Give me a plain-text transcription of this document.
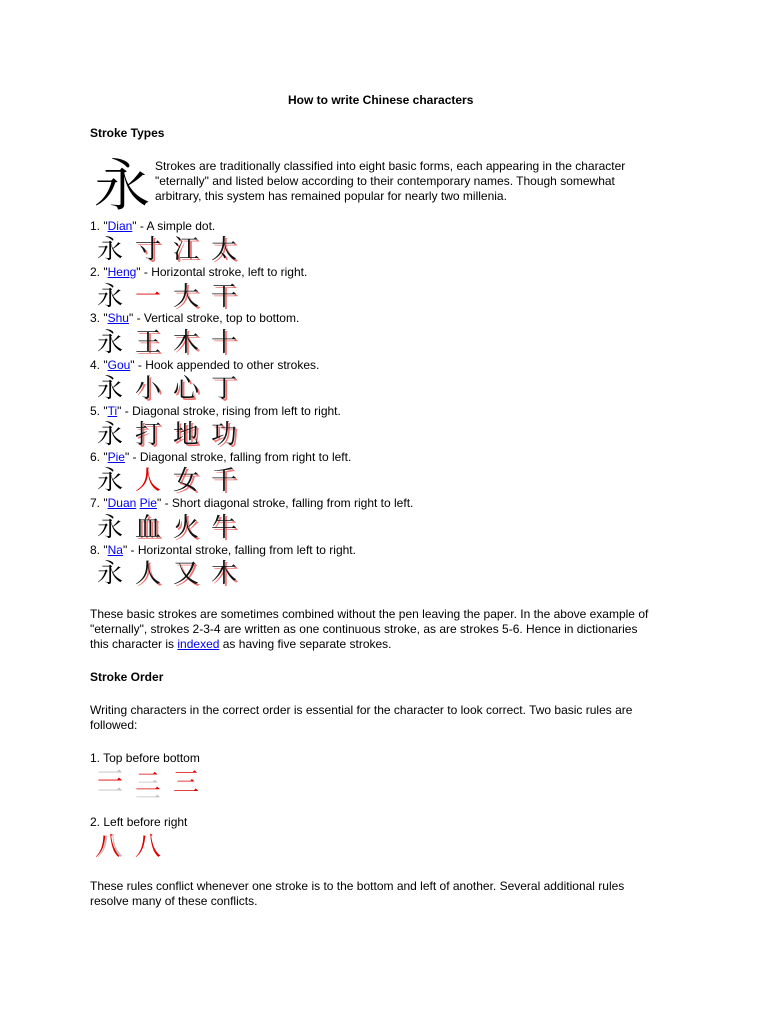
How to write Chinese characters
Stroke Types
永 Strokes are traditionally classified into eight basic forms, each appearing in the character
"eternally" and listed below according to their contemporary names. Though somewhat
arbitrary, this system has remained popular for nearly two millenia.
1. "Dian" - A simple dot.
永 寸 江 太
2. "Heng" - Horizontal stroke, left to right.
永 一 大 干
3. "Shu" - Vertical stroke, top to bottom.
永 王 木 十
4. "Gou" - Hook appended to other strokes.
永 小 心 丁
5. "Ti" - Diagonal stroke, rising from left to right.
永 打 地 功
6. "Pie" - Diagonal stroke, falling from right to left.
永 人 女 千
7. "Duan Pie" - Short diagonal stroke, falling from right to left.
永 血 火 牛
8. "Na" - Horizontal stroke, falling from left to right.
永 人 又 木
These basic strokes are sometimes combined without the pen leaving the paper. In the above example of
"eternally", strokes 2-3-4 are written as one continuous stroke, as are strokes 5-6. Hence in dictionaries
this character is indexed as having five separate strokes.
Stroke Order
Writing characters in the correct order is essential for the character to look correct. Two basic rules are
followed:
1. Top before bottom
一 二 三
2. Left before right
八 八
These rules conflict whenever one stroke is to the bottom and left of another. Several additional rules
resolve many of these conflicts.
